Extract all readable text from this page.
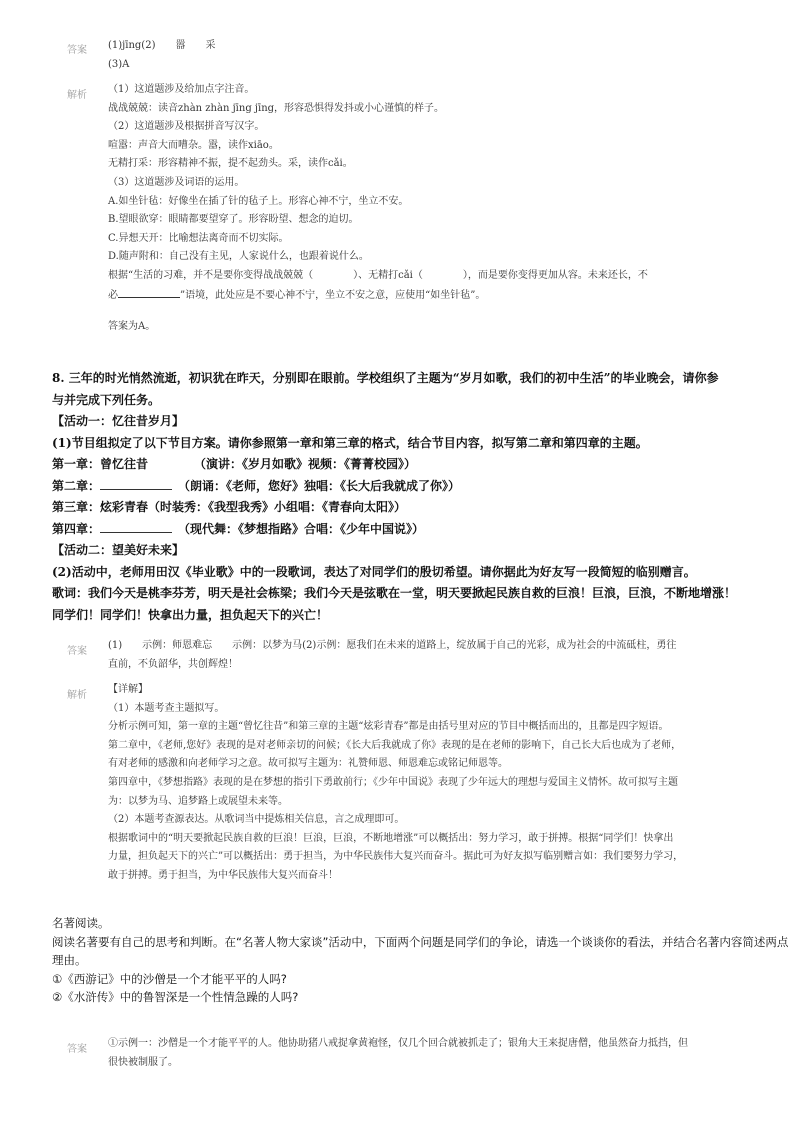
答案 (1)jīng(2)　　嚣　　采
(3)A
解析
（1）这道题涉及给加点字注音。
战战兢兢：读音zhàn zhàn jīng jīng，形容恐惧得发抖或小心谨慎的样子。
（2）这道题涉及根据拼音写汉字。
喧嚣：声音大而嘈杂。嚣，读作xiāo。
无精打采：形容精神不振，提不起劲头。采，读作cǎi。
（3）这道题涉及词语的运用。
A.如坐针毡：好像坐在插了针的毡子上。形容心神不宁，坐立不安。
B.望眼欲穿：眼睛都要望穿了。形容盼望、想念的迫切。
C.异想天开：比喻想法离奇而不切实际。
D.随声附和：自己没有主见，人家说什么，也跟着说什么。
根据“生活的习难，并不是要你变得战战兢兢（　　　　）、无精打cǎi（　　　　），而是要你变得更加从容。未来还长，不
必	”语境，此处应是不要心神不宁，坐立不安之意，应使用“如坐针毡”。
答案为A。
8. 三年的时光悄然流逝，初识犹在昨天，分别即在眼前。学校组织了主题为“岁月如歌，我们的初中生活”的毕业晚会，请你参
与并完成下列任务。
【活动一：忆往昔岁月】
(1)节目组拟定了以下节目方案。请你参照第一章和第三章的格式，结合节目内容，拟写第二章和第四章的主题。
第一章：曾忆往昔	（演讲：《岁月如歌》视频：《菁菁校园》）
第二章：	（朗诵：《老师，您好》独唱：《长大后我就成了你》）
第三章：炫彩青春（时装秀：《我型我秀》小组唱：《青春向太阳》）
第四章：	（现代舞：《梦想指路》合唱：《少年中国说》）
【活动二：望美好未来】
(2)活动中，老师用田汉《毕业歌》中的一段歌词，表达了对同学们的殷切希望。请你据此为好友写一段简短的临别赠言。
歌词：我们今天是桃李芬芳，明天是社会栋梁；我们今天是弦歌在一堂，明天要掀起民族自救的巨浪！巨浪，巨浪，不断地增涨！
同学们！同学们！快拿出力量，担负起天下的兴亡！
答案
(1)　　示例：师恩难忘　　示例：以梦为马(2)示例：愿我们在未来的道路上，绽放属于自己的光彩，成为社会的中流砥柱，勇往
直前，不负韶华，共创辉煌！
解析
【详解】
（1）本题考查主题拟写。
分析示例可知，第一章的主题“曾忆往昔”和第三章的主题“炫彩青春”都是由括号里对应的节目中概括而出的，且都是四字短语。
第二章中，《老师,您好》表现的是对老师亲切的问候；《长大后我就成了你》表现的是在老师的影响下，自己长大后也成为了老师，
有对老师的感激和向老师学习之意。故可拟写主题为：礼赞师恩、师恩难忘或铭记师恩等。
第四章中，《梦想指路》表现的是在梦想的指引下勇敢前行；《少年中国说》表现了少年远大的理想与爱国主义情怀。故可拟写主题
为：以梦为马、追梦路上或展望未来等。
（2）本题考查源表达。从歌词当中提炼相关信息，言之成理即可。
根据歌词中的“明天要掀起民族自救的巨浪！巨浪，巨浪，不断地增涨”可以概括出：努力学习，敢于拼搏。根据“同学们！快拿出
力量，担负起天下的兴亡”可以概括出：勇于担当，为中华民族伟大复兴而奋斗。据此可为好友拟写临别赠言如：我们要努力学习，
敢于拼搏。勇于担当，为中华民族伟大复兴而奋斗！
名著阅读。
阅读名著要有自己的思考和判断。在“名著人物大家谈”活动中，下面两个问题是同学们的争论，请选一个谈谈你的看法，并结合名著内容简述两点
理由。
①《西游记》中的沙僧是一个才能平平的人吗?
②《水浒传》中的鲁智深是一个性情急躁的人吗?
答案
①示例一：沙僧是一个才能平平的人。他协助猪八戒捉拿黄袍怪，仅几个回合就被抓走了；银角大王来捉唐僧，他虽然奋力抵挡，但
很快被制服了。
